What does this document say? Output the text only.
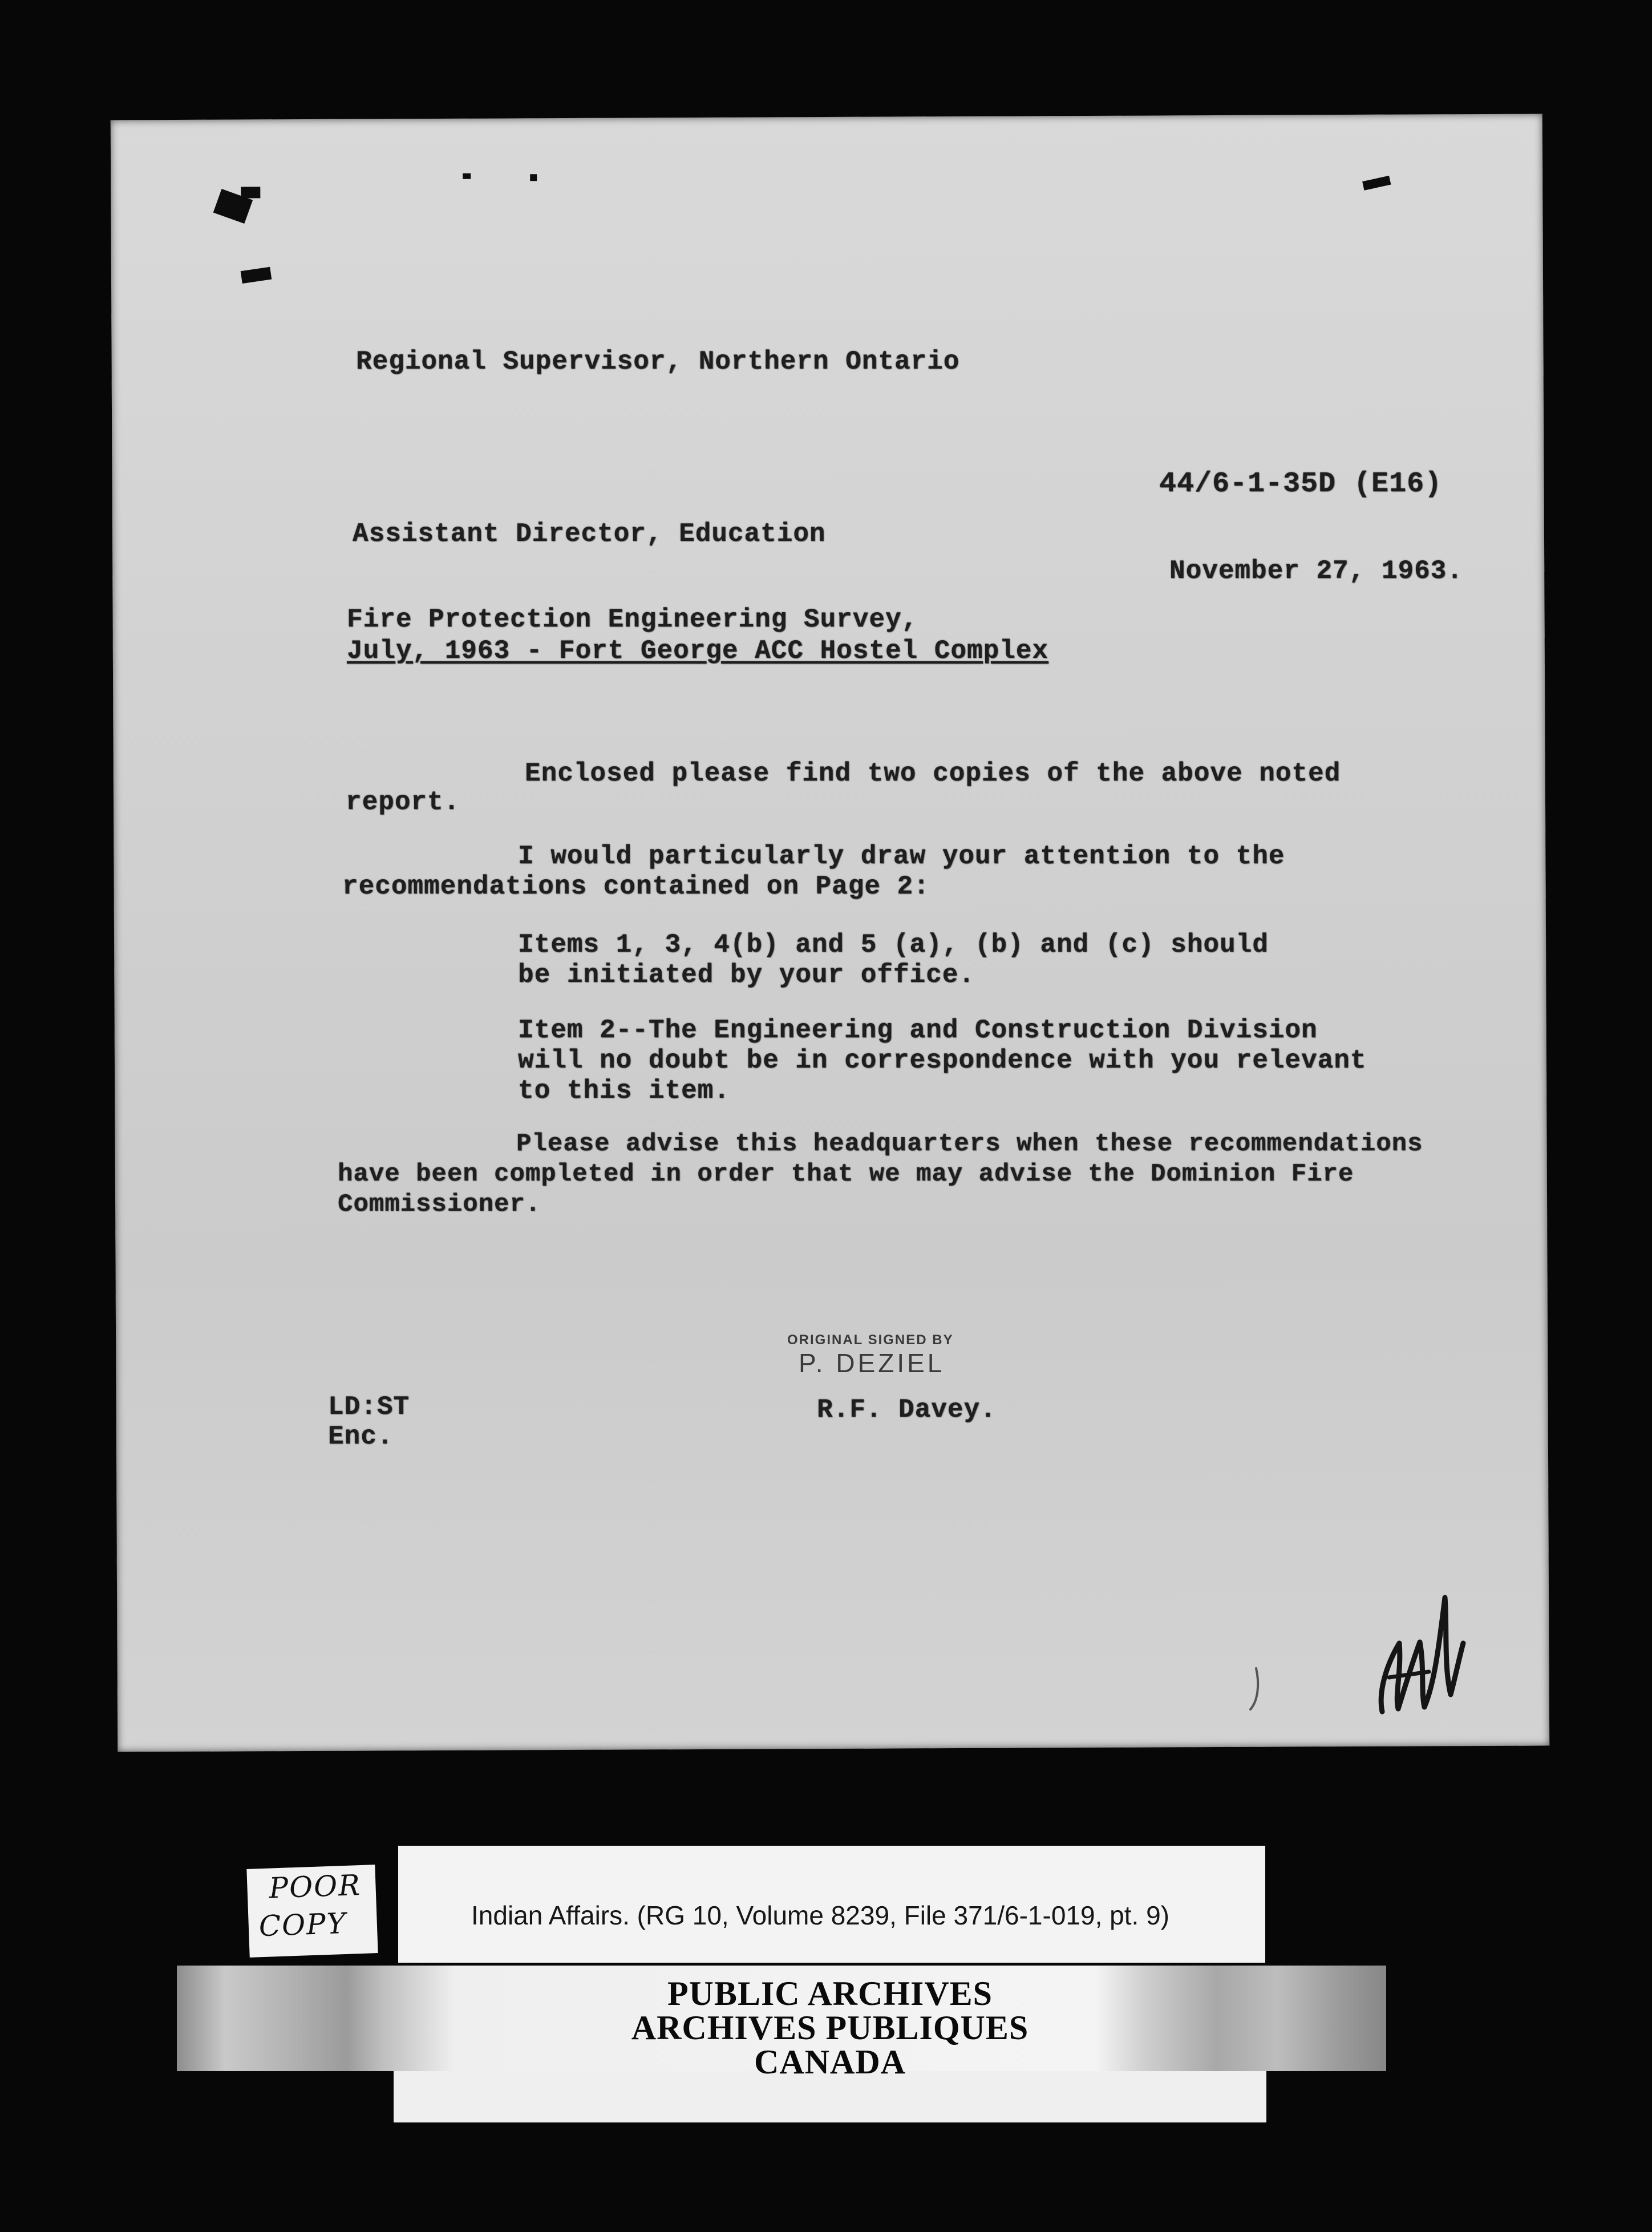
Regional Supervisor, Northern Ontario
44/6-1-35D (E16)
Assistant Director, Education
November 27, 1963.
Fire Protection Engineering Survey,
July, 1963 - Fort George ACC Hostel Complex
Enclosed please find two copies of the above noted
report.
I would particularly draw your attention to the
recommendations contained on Page 2:
Items 1, 3, 4(b) and 5 (a), (b) and (c) should
be initiated by your office.
Item 2--The Engineering and Construction Division
will no doubt be in correspondence with you relevant
to this item.
Please advise this headquarters when these recommendations
have been completed in order that we may advise the Dominion Fire
Commissioner.
ORIGINAL SIGNED BY
P. DEZIEL
R.F. Davey.
LD:ST
Enc.
Indian Affairs. (RG 10, Volume 8239, File 371/6-1-019, pt. 9)
POOR
COPY
PUBLIC ARCHIVES
ARCHIVES PUBLIQUES
CANADA
